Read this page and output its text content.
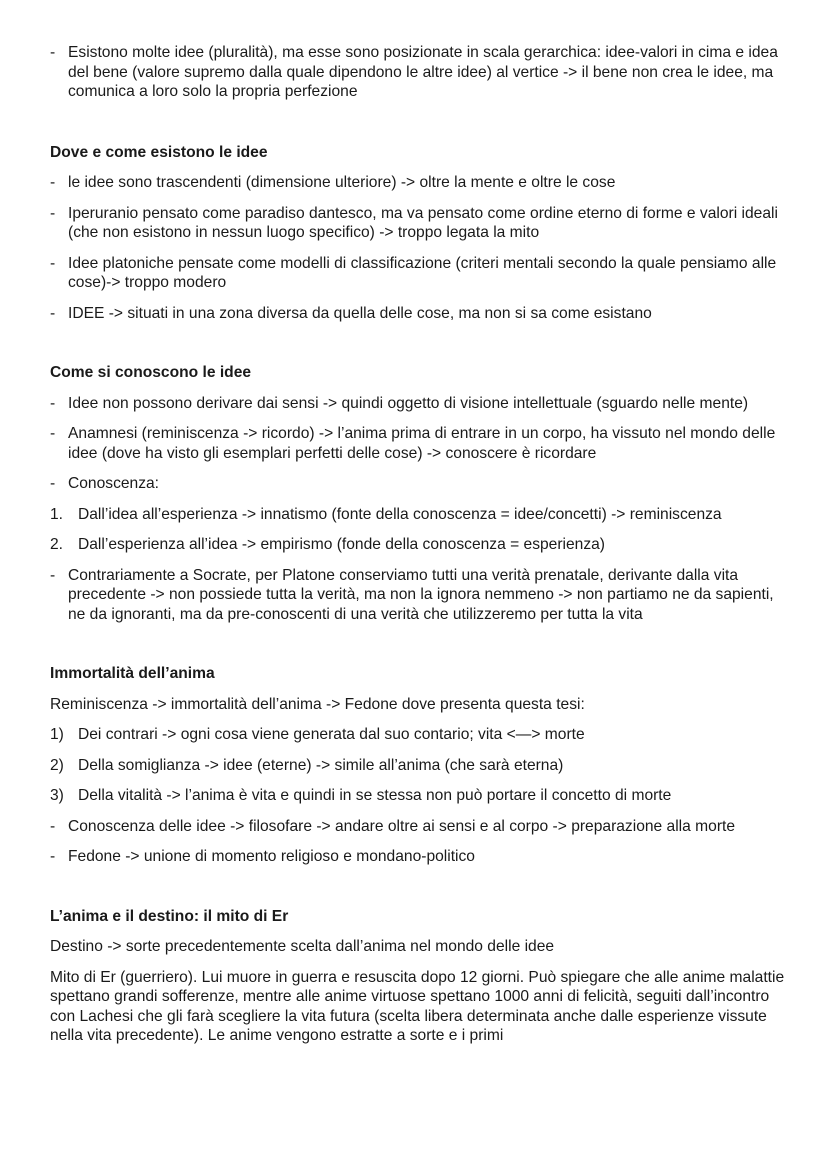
- Esistono molte idee (pluralità), ma esse sono posizionate in scala gerarchica: idee-valori in cima e idea del bene (valore supremo dalla quale dipendono le altre idee) al vertice -> il bene non crea le idee, ma comunica a loro solo la propria perfezione
Dove e come esistono le idee
- le idee sono trascendenti (dimensione ulteriore) -> oltre la mente e oltre le cose
- Iperuranio pensato come paradiso dantesco, ma va pensato come ordine eterno di forme e valori ideali (che non esistono in nessun luogo specifico) -> troppo legata la mito
- Idee platoniche pensate come modelli di classificazione (criteri mentali secondo la quale pensiamo alle cose)-> troppo modero
- IDEE -> situati in una zona diversa da quella delle cose, ma non si sa come esistano
Come si conoscono le idee
- Idee non possono derivare dai sensi -> quindi oggetto di visione intellettuale (sguardo nelle mente)
- Anamnesi (reminiscenza -> ricordo) -> l’anima prima di entrare in un corpo, ha vissuto nel mondo delle idee (dove ha visto gli esemplari perfetti delle cose) -> conoscere è ricordare
- Conoscenza:
1. Dall’idea all’esperienza -> innatismo (fonte della conoscenza = idee/concetti) -> reminiscenza
2. Dall’esperienza all’idea -> empirismo (fonde della conoscenza = esperienza)
- Contrariamente a Socrate, per Platone conserviamo tutti una verità prenatale, derivante dalla vita precedente -> non possiede tutta la verità, ma non la ignora nemmeno -> non partiamo ne da sapienti, ne da ignoranti, ma da pre-conoscenti di una verità che utilizzeremo per tutta la vita
Immortalità dell’anima
Reminiscenza -> immortalità dell’anima -> Fedone dove presenta questa tesi:
1) Dei contrari -> ogni cosa viene generata dal suo contario; vita <—> morte
2) Della somiglianza -> idee (eterne) -> simile all’anima (che sarà eterna)
3) Della vitalità -> l’anima è vita e quindi in se stessa non può portare il concetto di morte
- Conoscenza delle idee -> filosofare -> andare oltre ai sensi e al corpo -> preparazione alla morte
- Fedone -> unione di momento religioso e mondano-politico
L’anima e il destino: il mito di Er
Destino -> sorte precedentemente scelta dall’anima nel mondo delle idee
Mito di Er (guerriero). Lui muore in guerra e resuscita dopo 12 giorni. Può spiegare che alle anime malattie spettano grandi sofferenze, mentre alle anime virtuose spettano 1000 anni di felicità, seguiti dall’incontro con Lachesi che gli farà scegliere la vita futura (scelta libera determinata anche dalle esperienze vissute nella vita precedente). Le anime vengono estratte a sorte e i primi
